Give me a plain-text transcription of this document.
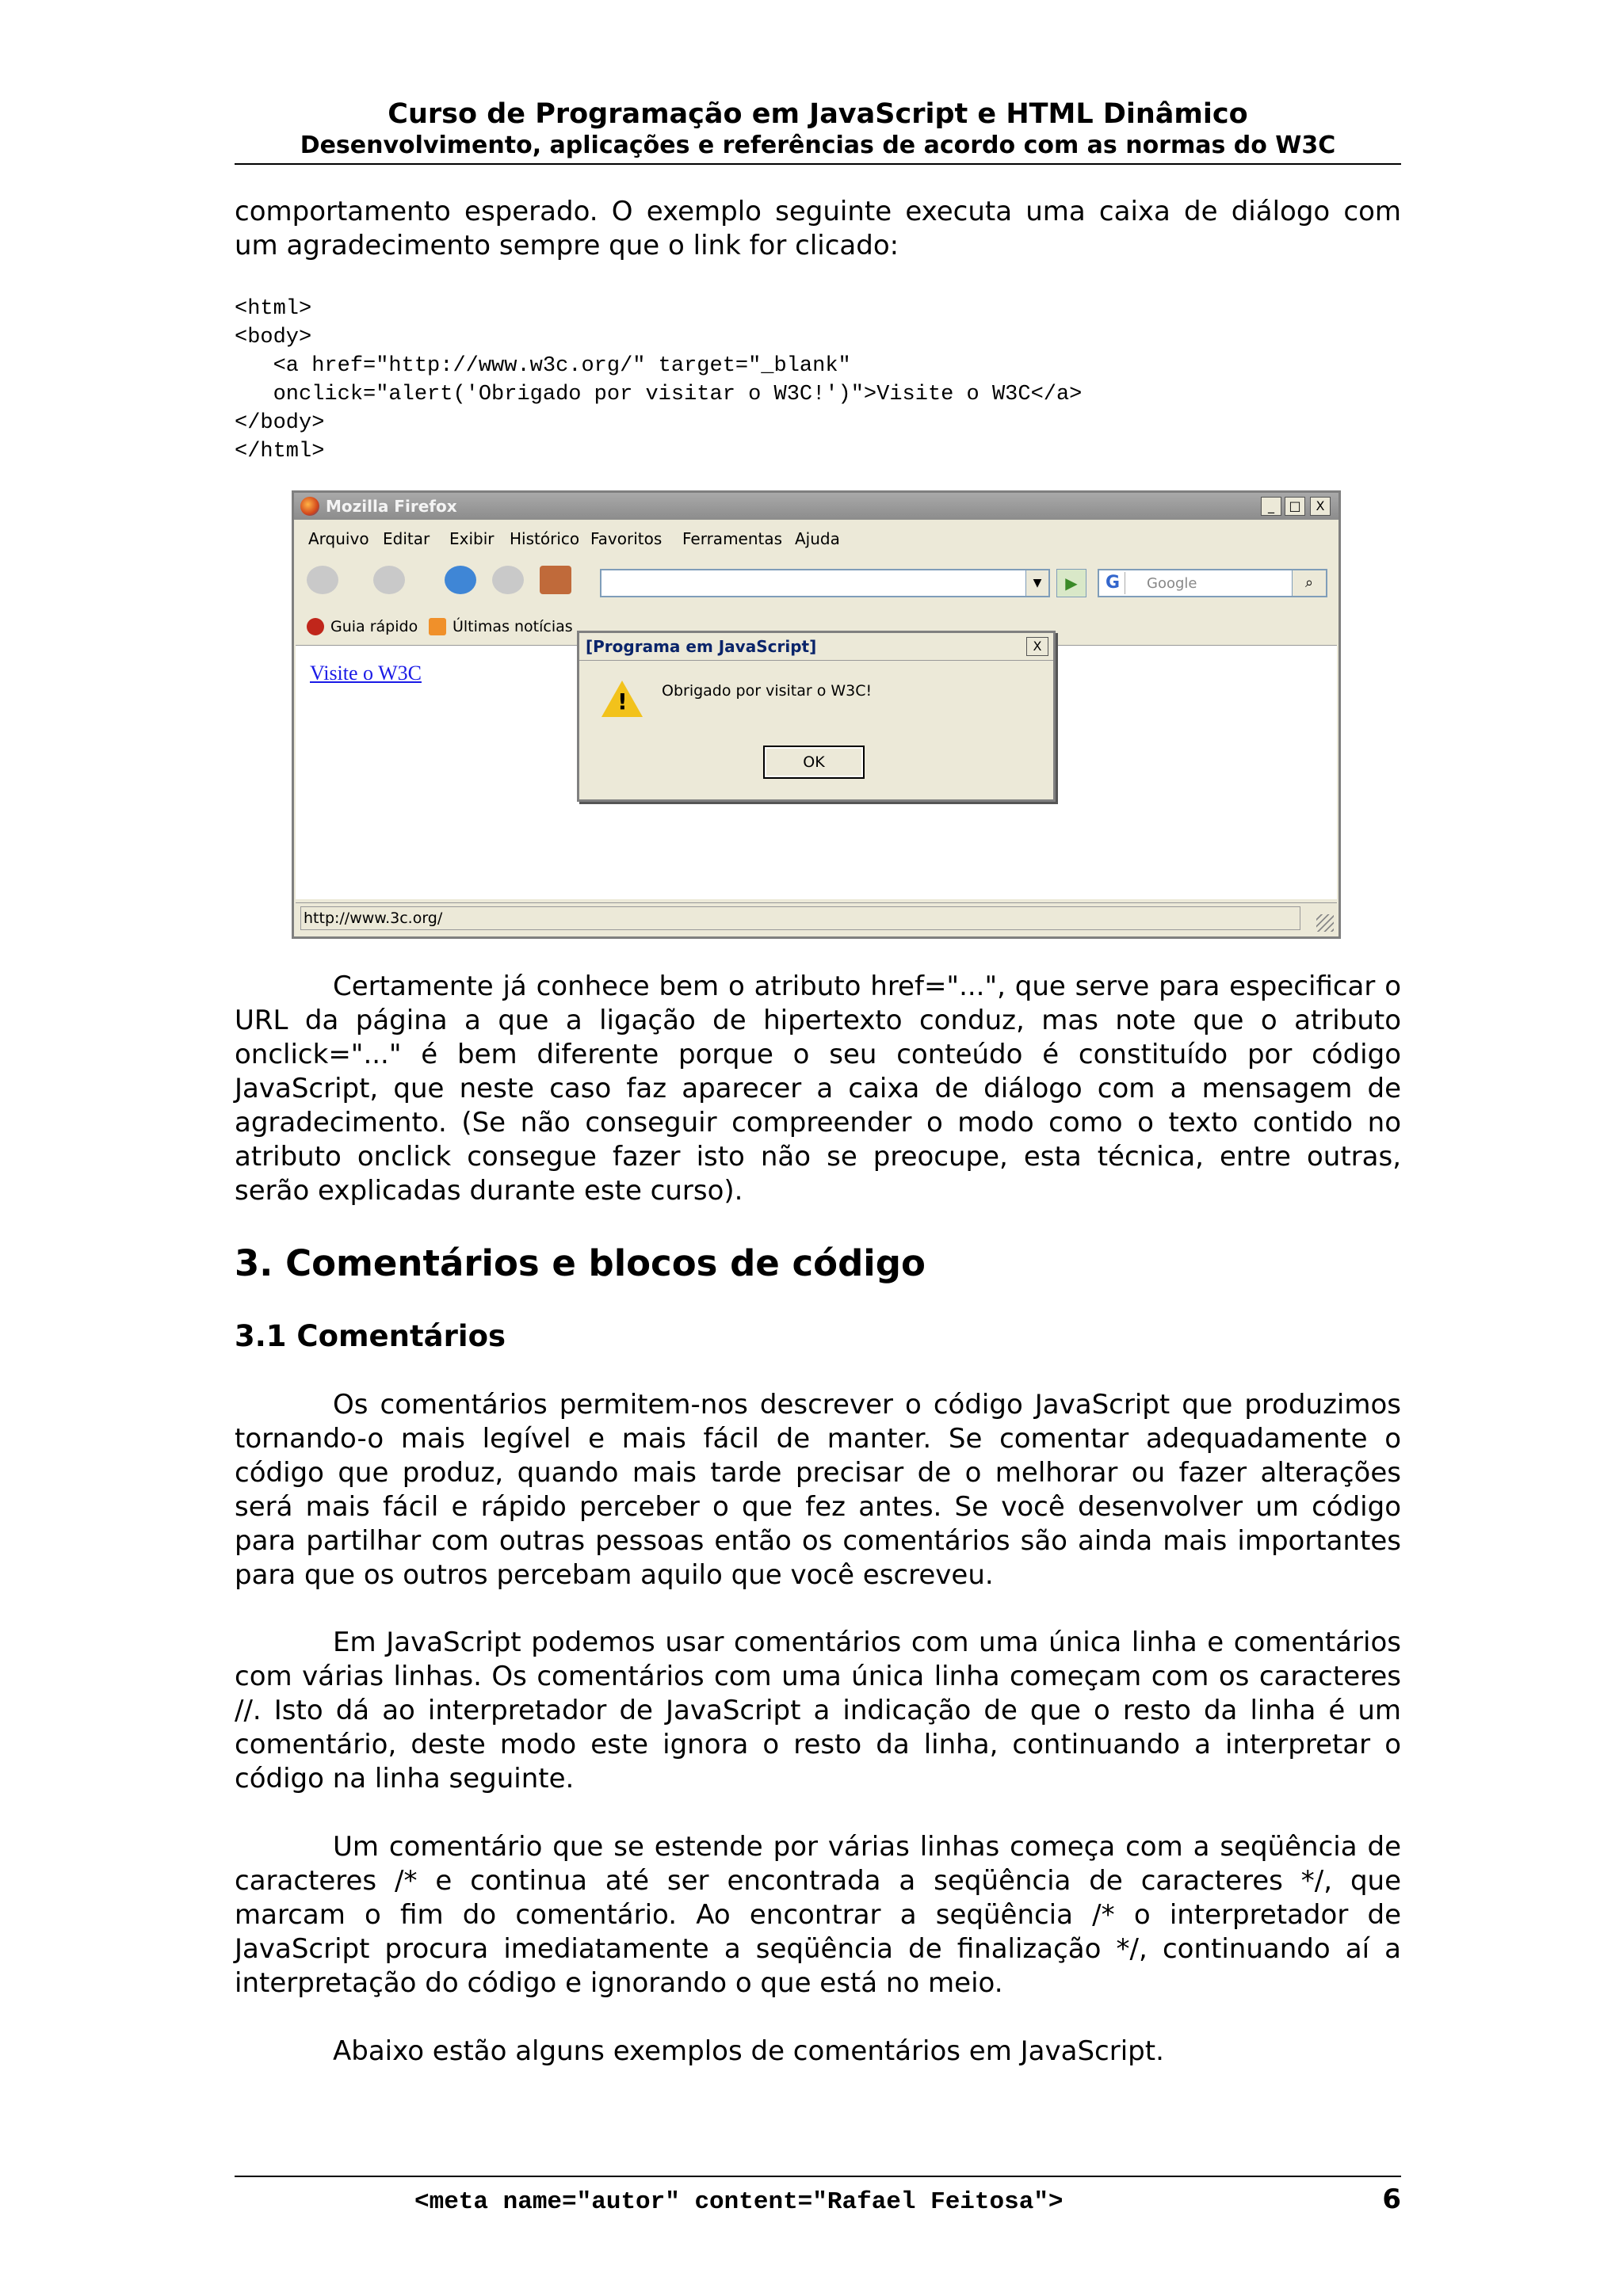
Curso de Programação em JavaScript e HTML Dinâmico
Desenvolvimento, aplicações e referências de acordo com as normas do W3C
comportamento esperado. O exemplo seguinte executa uma caixa de diálogo com um agradecimento sempre que o link for clicado:
<html>
<body>
<a href="http://www.w3c.org/" target="_blank"
onclick="alert('Obrigado por visitar o W3C!')">Visite o W3C</a>
</body>
</html>
Mozilla Firefox	_	□	X
Arquivo Editar Exibir Histórico Favoritos Ferramentas Ajuda
▼	▶	G	Google	⌕
Guia rápido Últimas notícias
Visite o W3C
http://www.3c.org/
[Programa em JavaScript]	X
! Obrigado por visitar o W3C!
OK
Certamente já conhece bem o atributo href="...", que serve para especificar o URL da página a que a ligação de hipertexto conduz, mas note que o atributo onclick="..." é bem diferente porque o seu conteúdo é constituído por código JavaScript, que neste caso faz aparecer a caixa de diálogo com a mensagem de agradecimento. (Se não conseguir compreender o modo como o texto contido no atributo onclick consegue fazer isto não se preocupe, esta técnica, entre outras, serão explicadas durante este curso).
3. Comentários e blocos de código
3.1 Comentários
Os comentários permitem-nos descrever o código JavaScript que produzimos tornando-o mais legível e mais fácil de manter. Se comentar adequadamente o código que produz, quando mais tarde precisar de o melhorar ou fazer alterações será mais fácil e rápido perceber o que fez antes. Se você desenvolver um código para partilhar com outras pessoas então os comentários são ainda mais importantes para que os outros percebam aquilo que você escreveu.
Em JavaScript podemos usar comentários com uma única linha e comentários com várias linhas. Os comentários com uma única linha começam com os caracteres //. Isto dá ao interpretador de JavaScript a indicação de que o resto da linha é um comentário, deste modo este ignora o resto da linha, continuando a interpretar o código na linha seguinte.
Um comentário que se estende por várias linhas começa com a seqüência de caracteres /* e continua até ser encontrada a seqüência de caracteres */, que marcam o fim do comentário. Ao encontrar a seqüência /* o interpretador de JavaScript procura imediatamente a seqüência de finalização */, continuando aí a interpretação do código e ignorando o que está no meio.
Abaixo estão alguns exemplos de comentários em JavaScript.
<meta name="autor" content="Rafael Feitosa">	6
